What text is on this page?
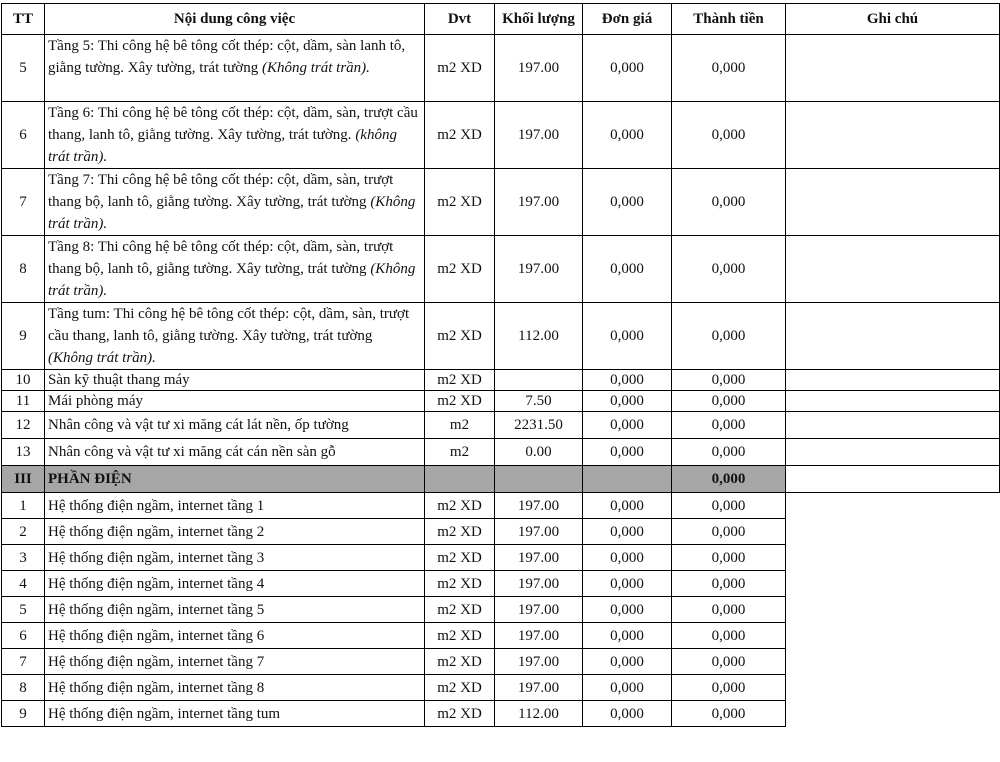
TT	Nội dung công việc	Dvt	Khối lượng	Đơn giá	Thành tiền	Ghi chú
5	Tầng 5: Thi công hệ bê tông cốt thép: cột, dầm, sàn lanh tô, giằng tường. Xây tường, trát tường (Không trát trần).	m2 XD	197.00	0,000	0,000	
6	Tầng 6: Thi công hệ bê tông cốt thép: cột, dầm, sàn, trượt cầu thang, lanh tô, giằng tường. Xây tường, trát tường. (không trát trần).	m2 XD	197.00	0,000	0,000	
7	Tầng 7: Thi công hệ bê tông cốt thép: cột, dầm, sàn, trượt thang bộ, lanh tô, giằng tường. Xây tường, trát tường (Không trát trần).	m2 XD	197.00	0,000	0,000	
8	Tầng 8: Thi công hệ bê tông cốt thép: cột, dầm, sàn, trượt thang bộ, lanh tô, giằng tường. Xây tường, trát tường (Không trát trần).	m2 XD	197.00	0,000	0,000	
9	Tầng tum: Thi công hệ bê tông cốt thép: cột, dầm, sàn, trượt cầu thang, lanh tô, giằng tường. Xây tường, trát tường (Không trát trần).	m2 XD	112.00	0,000	0,000	
10	Sàn kỹ thuật thang máy	m2 XD		0,000	0,000	
11	Mái phòng máy	m2 XD	7.50	0,000	0,000	
12	Nhân công và vật tư xi măng cát lát nền, ốp tường	m2	2231.50	0,000	0,000	
13	Nhân công và vật tư xi măng cát cán nền sàn gỗ	m2	0.00	0,000	0,000	
III	PHẦN ĐIỆN				0,000	
1	Hệ thống điện ngầm, internet tầng 1	m2 XD	197.00	0,000	0,000	
2	Hệ thống điện ngầm, internet tầng 2	m2 XD	197.00	0,000	0,000	
3	Hệ thống điện ngầm, internet tầng 3	m2 XD	197.00	0,000	0,000	
4	Hệ thống điện ngầm, internet tầng 4	m2 XD	197.00	0,000	0,000	
5	Hệ thống điện ngầm, internet tầng 5	m2 XD	197.00	0,000	0,000	
6	Hệ thống điện ngầm, internet tầng 6	m2 XD	197.00	0,000	0,000	
7	Hệ thống điện ngầm, internet tầng 7	m2 XD	197.00	0,000	0,000	
8	Hệ thống điện ngầm, internet tầng 8	m2 XD	197.00	0,000	0,000	
9	Hệ thống điện ngầm, internet tầng tum	m2 XD	112.00	0,000	0,000	
